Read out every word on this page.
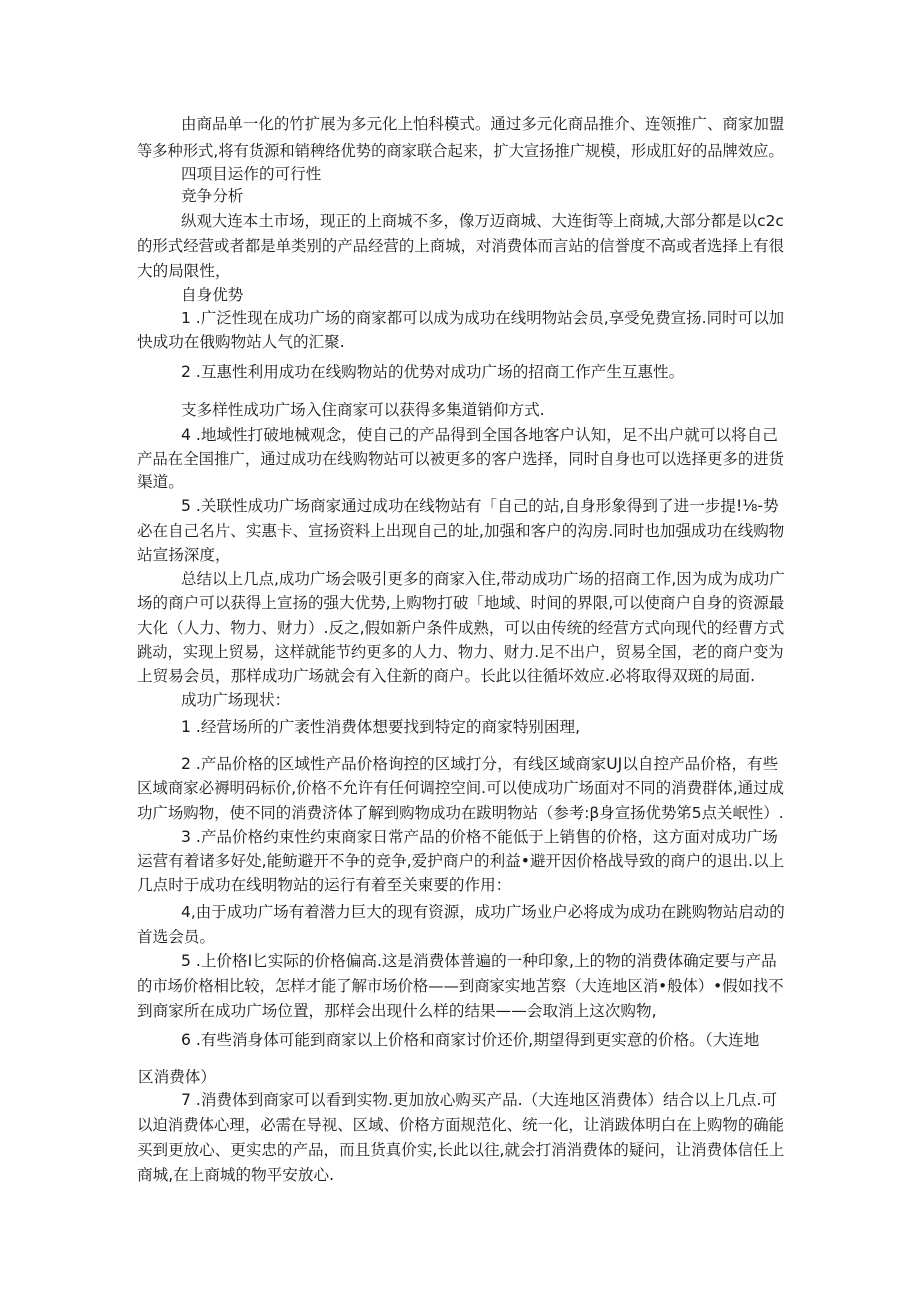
由商品单一化的竹扩展为多元化上怕科模式。通过多元化商品推介、连领推广、商家加盟
等多种形式,将有货源和销稗络优势的商家联合起来，扩大宣扬推广规模，形成肛好的品牌效应。
四项目运作的可行性
竞争分析
纵观大连本土市场，现正的上商城不多，像万迈商城、大连街等上商城,大部分都是以c2c
的形式经营或者都是单类别的产品经营的上商城，对消费体而言站的信誉度不高或者选择上有很
大的局限性，
自身优势
1 .广泛性现在成功广场的商家都可以成为成功在线明物站会员,享受免费宣扬.同时可以加
快成功在俄购物站人气的汇聚.
2 .互惠性利用成功在线购物站的优势对成功广场的招商工作产生互惠性。
支多样性成功广场入住商家可以获得多集道销仰方式.
4 .地域性打破地械观念，使自己的产品得到全国各地客户认知，足不出户就可以将自己
产品在全国推广，通过成功在线购物站可以被更多的客户选择，同时自身也可以选择更多的进货
渠道。
5 .关联性成功广场商家通过成功在线物站有「自己的站,自身形象得到了进一步提!⅛-势
必在自己名片、实惠卡、宣扬资料上出现自己的址,加强和客户的沟房.同时也加强成功在线购物
站宣扬深度，
总结以上几点,成功广场会吸引更多的商家入住,带动成功广场的招商工作,因为成为成功广
场的商户可以获得上宣扬的强大优势,上购物打破「地域、时间的界限,可以使商户自身的资源最
大化（人力、物力、财力）.反之,假如新户条件成熟，可以由传统的经营方式向现代的经曹方式
跳动，实现上贸易，这样就能节约更多的人力、物力、财力.足不出户，贸易全国，老的商户变为
上贸易会员，那样成功广场就会有入住新的商户。长此以往循坏效应.必将取得双斑的局面.
成功广场现状：
1 .经营场所的广袤性消费体想要找到特定的商家特别困理,
2 .产品价格的区域性产品价格询控的区域打分，有线区域商家UJ以自控产品价格，有些
区域商家必褥明码标价,价格不允许有任何调控空间.可以使成功广场面对不同的消费群体,通过成
功广场购物，使不同的消费济体了解到购物成功在跋明物站（参考:β身宣扬优势笫5点关岷性）.
3 .产品价格约束性约束商家日常产品的价格不能低于上销售的价格，这方面对成功广场
运营有着诸多好处,能鲂避开不争的竞争,爱护商户的利益•避开因价格战导致的商户的退出.以上
几点时于成功在线明物站的运行有着至关柬要的作用：
4,由于成功广场有着潜力巨大的现有资源，成功广场业户必将成为成功在跳购物站启动的
首选会员。
5 .上价格I匕实际的价格偏高.这是消费体普遍的一种印象,上的物的消费体确定要与产品
的市场价格相比较，怎样才能了解市场价格——到商家实地苫察（大连地区消•般体）•假如找不
到商家所在成功广场位置，那样会出现什么样的结果——会取消上这次购物,
6 .有些消身体可能到商家以上价格和商家讨价还价,期望得到更实意的价格。（大连地
区消费体）
7 .消费体到商家可以看到实物.更加放心购买产品.（大连地区消费体）结合以上几点.可
以迫消费体心理，必需在导视、区域、价格方面规范化、统一化，让消跋体明白在上购物的确能
买到更放心、更实忠的产品，而且货真价实,长此以往,就会打消消费体的疑问，让消费体信任上
商城,在上商城的物平安放心.
